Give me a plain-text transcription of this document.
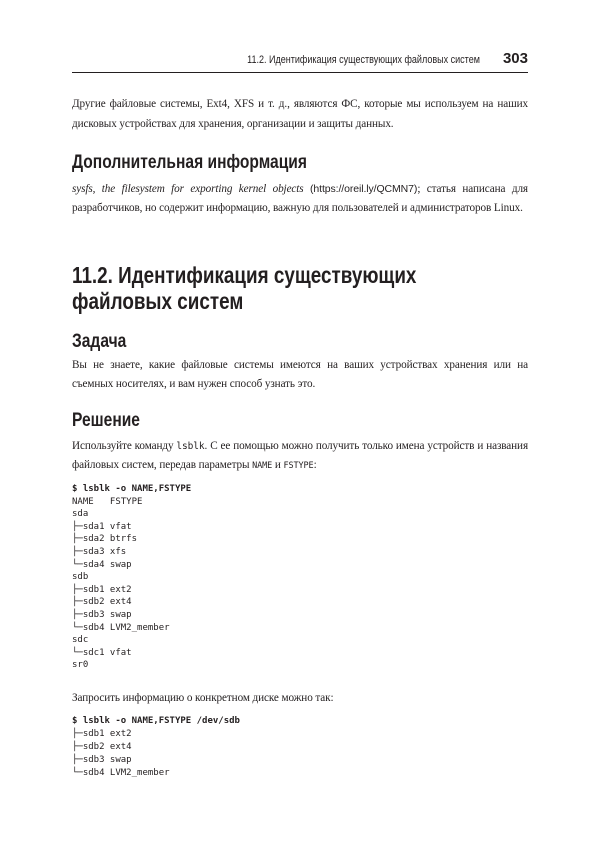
11.2. Идентификация существующих файловых систем 303
Другие файловые системы, Ext4, XFS и т. д., являются ФС, которые мы используем на наших дисковых устройствах для хранения, организации и защиты данных.
Дополнительная информация
sysfs, the filesystem for exporting kernel objects (https://oreil.ly/QCMN7); статья написана для разработчиков, но содержит информацию, важную для пользователей и администраторов Linux.
11.2. Идентификация существующих
файловых систем
Задача
Вы не знаете, какие файловые системы имеются на ваших устройствах хранения или на съемных носителях, и вам нужен способ узнать это.
Решение
Используйте команду lsblk. С ее помощью можно получить только имена устройств и названия файловых систем, передав параметры NAME и FSTYPE:
$ lsblk -o NAME,FSTYPE
NAME   FSTYPE
sda
├─sda1 vfat
├─sda2 btrfs
├─sda3 xfs
└─sda4 swap
sdb
├─sdb1 ext2
├─sdb2 ext4
├─sdb3 swap
└─sdb4 LVM2_member
sdc
└─sdc1 vfat
sr0
Запросить информацию о конкретном диске можно так:
$ lsblk -o NAME,FSTYPE /dev/sdb
├─sdb1 ext2
├─sdb2 ext4
├─sdb3 swap
└─sdb4 LVM2_member
